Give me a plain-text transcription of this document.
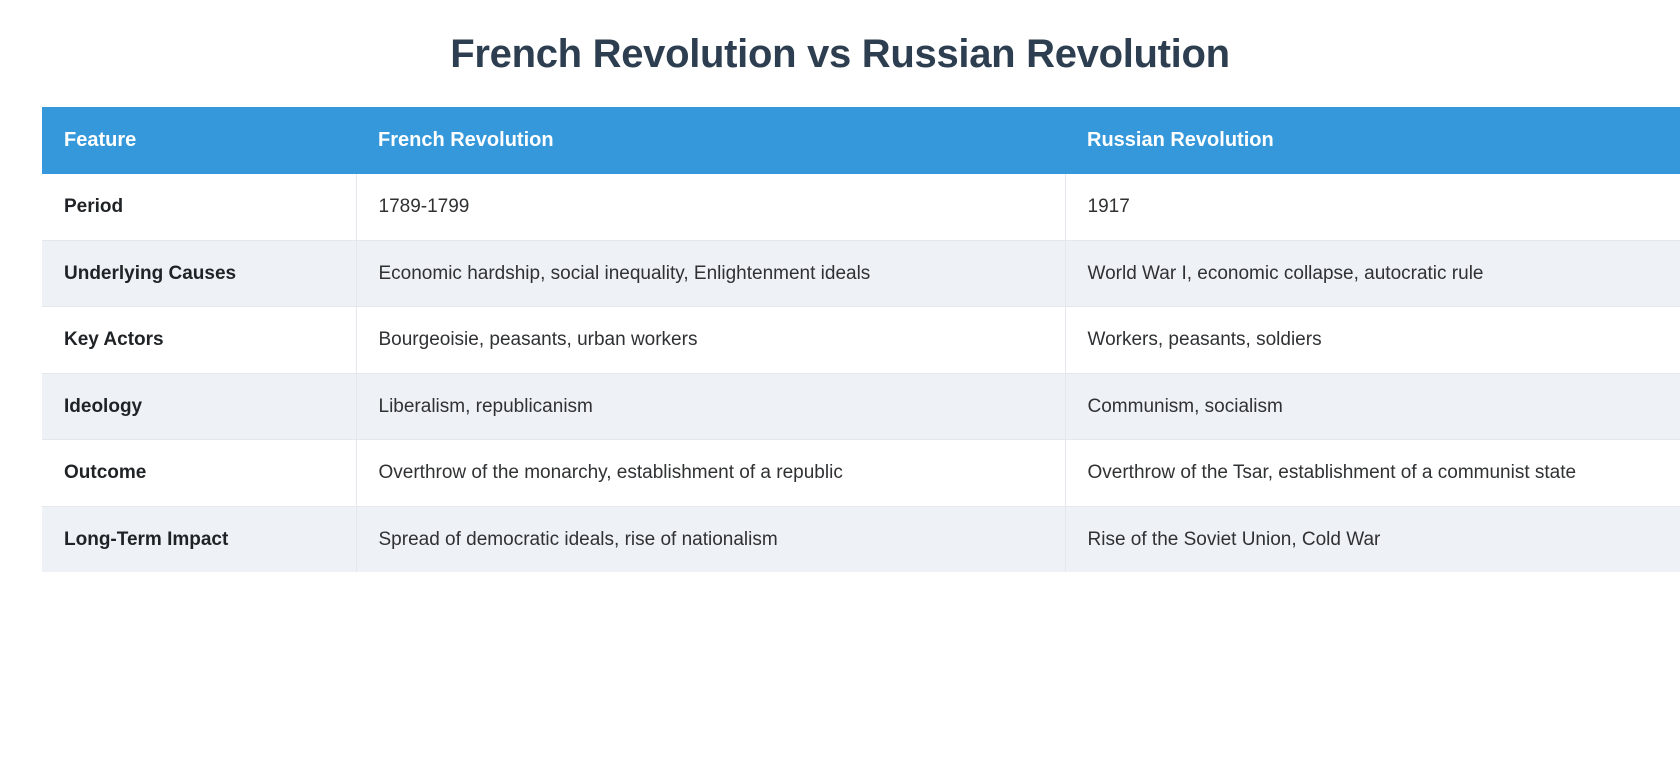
French Revolution vs Russian Revolution
Feature	French Revolution	Russian Revolution
Period	1789-1799	1917
Underlying Causes	Economic hardship, social inequality, Enlightenment ideals	World War I, economic collapse, autocratic rule
Key Actors	Bourgeoisie, peasants, urban workers	Workers, peasants, soldiers
Ideology	Liberalism, republicanism	Communism, socialism
Outcome	Overthrow of the monarchy, establishment of a republic	Overthrow of the Tsar, establishment of a communist state
Long-Term Impact	Spread of democratic ideals, rise of nationalism	Rise of the Soviet Union, Cold War
